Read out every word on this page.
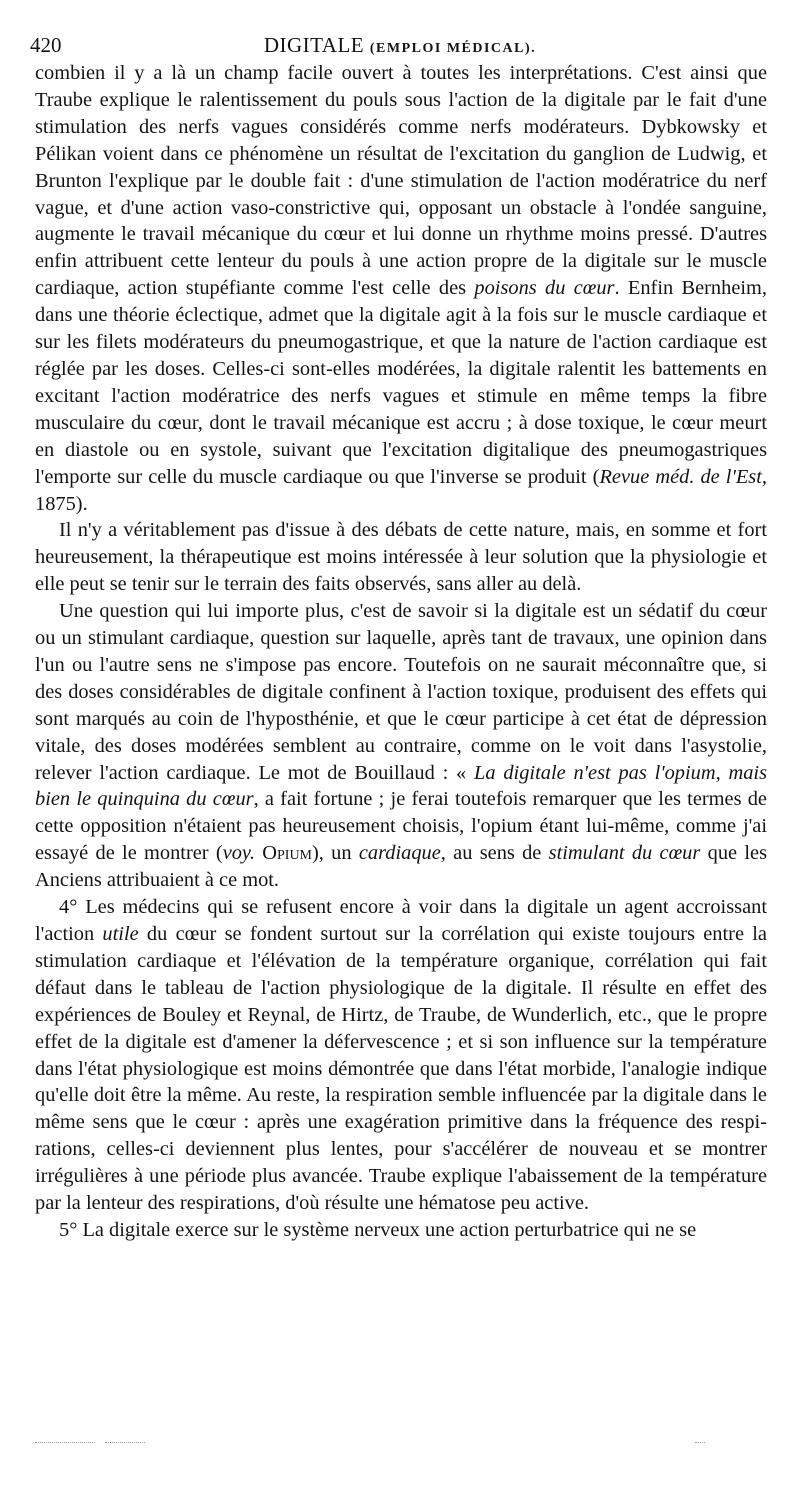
420	DIGITALE (EMPLOI MÉDICAL).

combien il y a là un champ facile ouvert à toutes les interprétations. C'est ainsi que Traube explique le ralentissement du pouls sous l'action de la digitale par le fait d'une stimulation des nerfs vagues considérés comme nerfs modérateurs. Dybkowsky et Pélikan voient dans ce phénomène un résultat de l'excitation du ganglion de Ludwig, et Brunton l'explique par le double fait : d'une stimulation de l'action modératrice du nerf vague, et d'une action vaso-constrictive qui, opposant un obstacle à l'ondée sanguine, augmente le travail mécanique du cœur et lui donne un rhythme moins pressé. D'autres enfin attribuent cette lenteur du pouls à une action propre de la digitale sur le muscle cardiaque, action stupéfiante comme l'est celle des poisons du cœur. Enfin Bernheim, dans une théorie éclectique, admet que la digitale agit à la fois sur le muscle cardiaque et sur les filets modérateurs du pneumogastrique, et que la nature de l'action cardiaque est réglée par les doses. Celles-ci sont-elles modérées, la digitale ralentit les battements en excitant l'action modératrice des nerfs vagues et stimule en même temps la fibre musculaire du cœur, dont le travail mécanique est accru ; à dose toxique, le cœur meurt en diastole ou en systole, suivant que l'excitation digitalique des pneumogastriques l'emporte sur celle du muscle cardiaque ou que l'inverse se produit (Revue méd. de l'Est, 1875).

Il n'y a véritablement pas d'issue à des débats de cette nature, mais, en somme et fort heureusement, la thérapeutique est moins intéressée à leur solution que la physiologie et elle peut se tenir sur le terrain des faits observés, sans aller au delà.

Une question qui lui importe plus, c'est de savoir si la digitale est un sédatif du cœur ou un stimulant cardiaque, question sur laquelle, après tant de travaux, une opinion dans l'un ou l'autre sens ne s'impose pas encore. Toutefois on ne saurait méconnaître que, si des doses considérables de digitale confinent à l'action toxique, produisent des effets qui sont marqués au coin de l'hyposthénie, et que le cœur participe à cet état de dépression vitale, des doses modérées semblent au contraire, comme on le voit dans l'asystolie, relever l'action cardiaque. Le mot de Bouillaud : « La digitale n'est pas l'opium, mais bien le quinquina du cœur, a fait fortune ; je ferai toutefois remarquer que les termes de cette opposition n'étaient pas heureusement choisis, l'opium étant lui-même, comme j'ai essayé de le montrer (voy. Opium), un cardiaque, au sens de stimulant du cœur que les Anciens attribuaient à ce mot.

4° Les médecins qui se refusent encore à voir dans la digitale un agent accroissant l'action utile du cœur se fondent surtout sur la corrélation qui existe toujours entre la stimulation cardiaque et l'élévation de la température organique, corrélation qui fait défaut dans le tableau de l'action physiologique de la digitale. Il résulte en effet des expériences de Bouley et Reynal, de Hirtz, de Traube, de Wunderlich, etc., que le propre effet de la digitale est d'amener la défervescence ; et si son influence sur la température dans l'état physiologique est moins démontrée que dans l'état morbide, l'analogie indique qu'elle doit être la même. Au reste, la respiration semble influencée par la digitale dans le même sens que le cœur : après une exagération primitive dans la fréquence des respirations, celles-ci deviennent plus lentes, pour s'accélérer de nouveau et se montrer irrégulières à une période plus avancée. Traube explique l'abaissement de la température par la lenteur des respirations, d'où résulte une hématose peu active.

5° La digitale exerce sur le système nerveux une action perturbatrice qui ne se
